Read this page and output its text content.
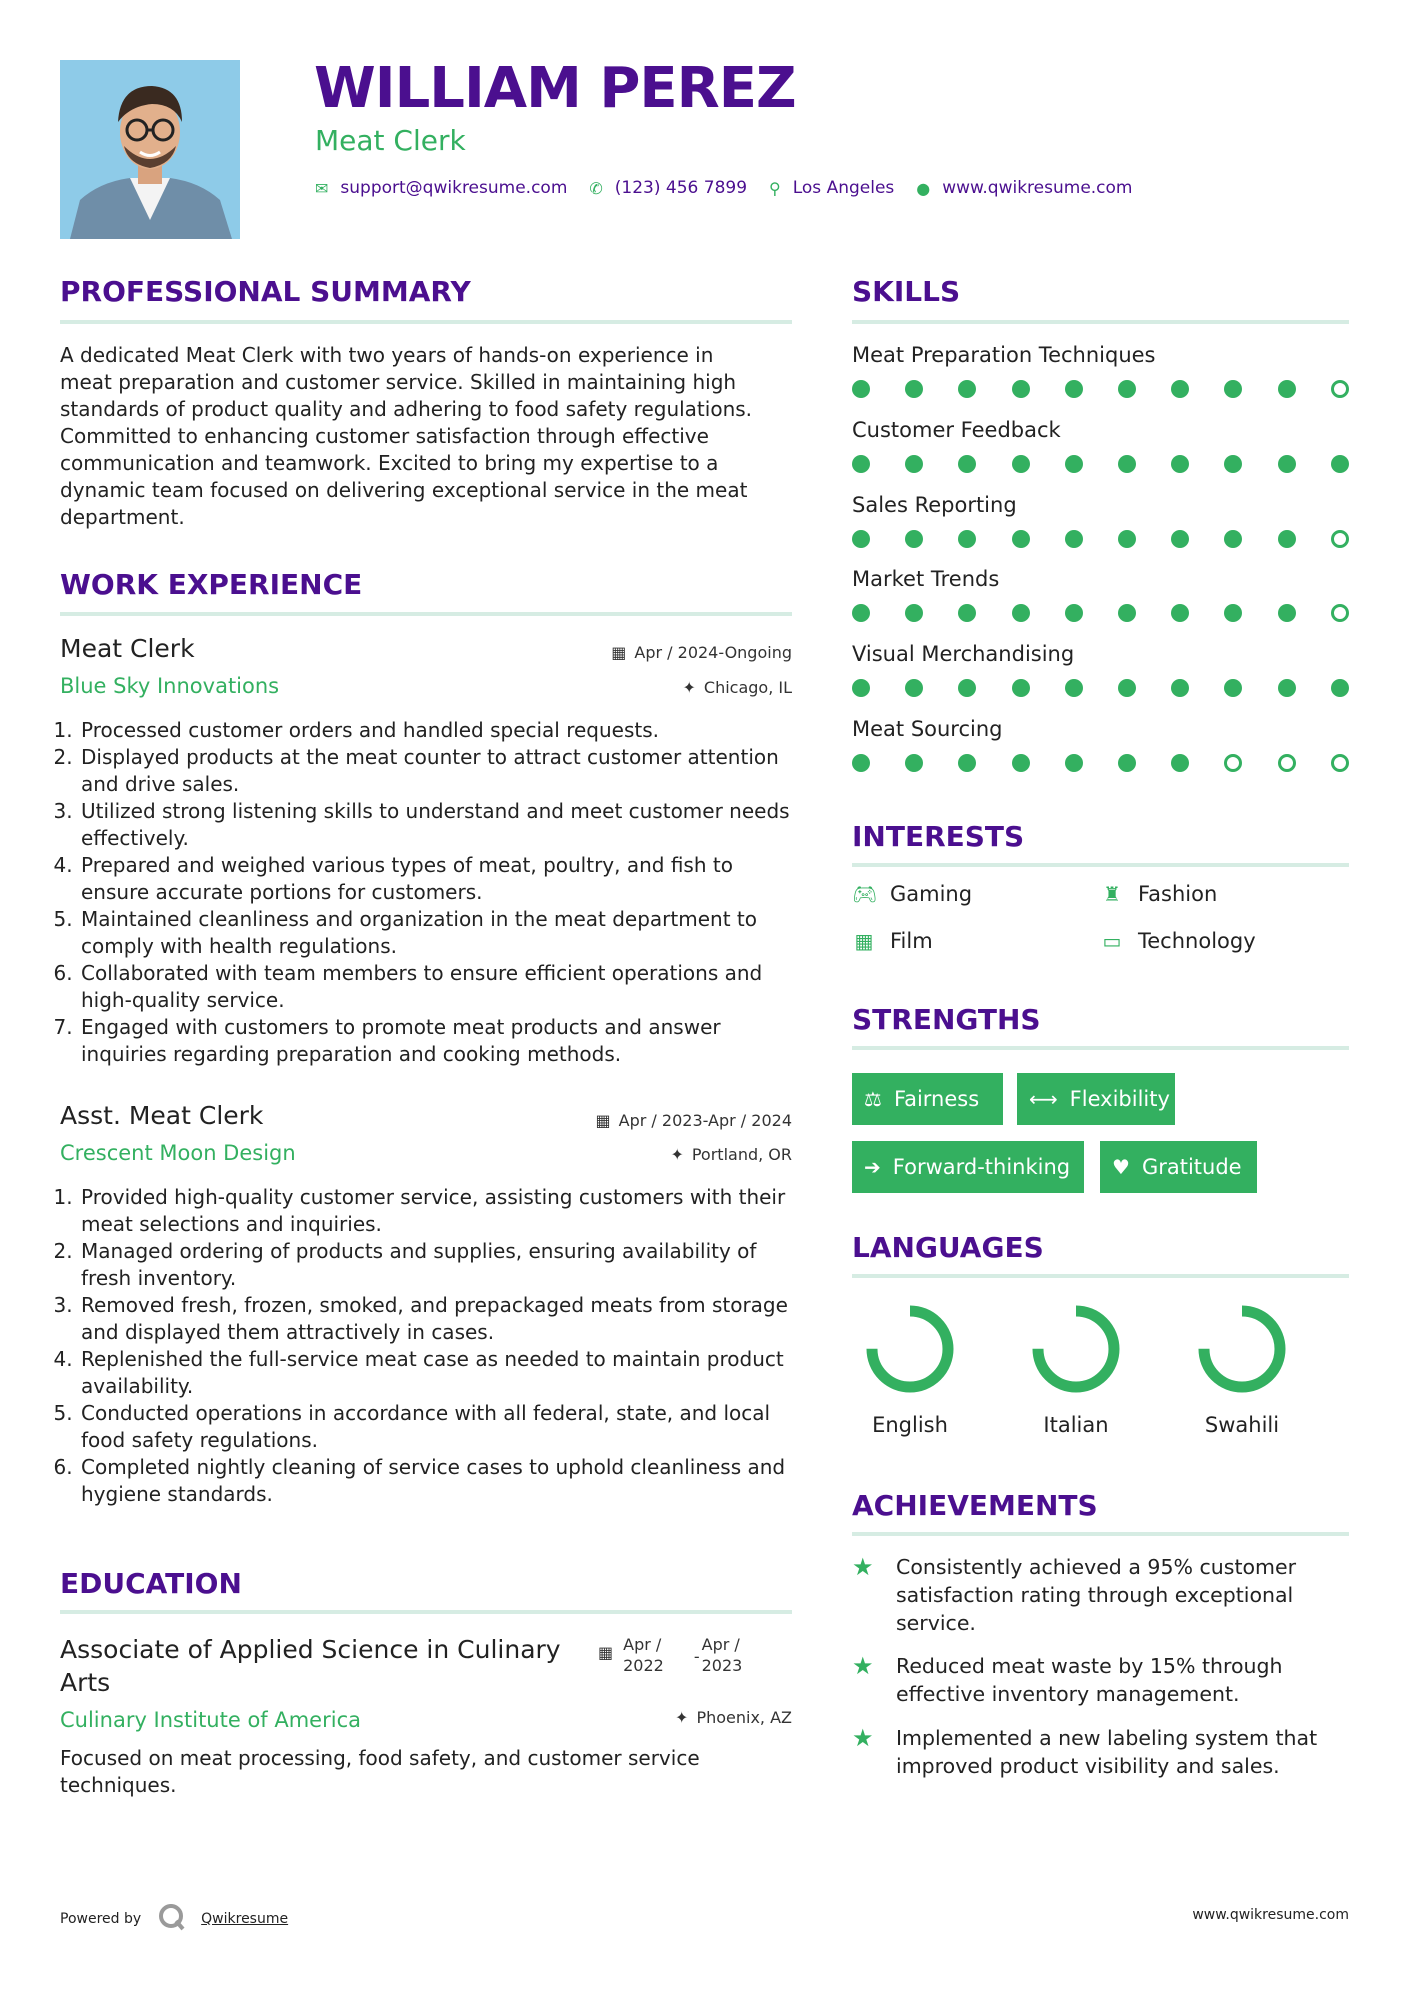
WILLIAM PEREZ
Meat Clerk
✉ support@qwikresume.com ✆ (123) 456 7899 ⚲ Los Angeles ● www.qwikresume.com
PROFESSIONAL SUMMARY
A dedicated Meat Clerk with two years of hands-on experience in
meat preparation and customer service. Skilled in maintaining high
standards of product quality and adhering to food safety regulations.
Committed to enhancing customer satisfaction through effective
communication and teamwork. Excited to bring my expertise to a
dynamic team focused on delivering exceptional service in the meat
department.
WORK EXPERIENCE
Meat Clerk	▦ Apr / 2024-Ongoing
Blue Sky Innovations	✦ Chicago, IL
1. Processed customer orders and handled special requests.
2. Displayed products at the meat counter to attract customer attention and drive sales.
3. Utilized strong listening skills to understand and meet customer needs effectively.
4. Prepared and weighed various types of meat, poultry, and fish to ensure accurate portions for customers.
5. Maintained cleanliness and organization in the meat department to comply with health regulations.
6. Collaborated with team members to ensure efficient operations and high-quality service.
7. Engaged with customers to promote meat products and answer inquiries regarding preparation and cooking methods.
Asst. Meat Clerk	▦ Apr / 2023-Apr / 2024
Crescent Moon Design	✦ Portland, OR
1. Provided high-quality customer service, assisting customers with their meat selections and inquiries.
2. Managed ordering of products and supplies, ensuring availability of fresh inventory.
3. Removed fresh, frozen, smoked, and prepackaged meats from storage and displayed them attractively in cases.
4. Replenished the full-service meat case as needed to maintain product availability.
5. Conducted operations in accordance with all federal, state, and local food safety regulations.
6. Completed nightly cleaning of service cases to uphold cleanliness and hygiene standards.
EDUCATION
Associate of Applied Science in Culinary
Arts
▦ Apr /
2022 -
Apr /
2023
Culinary Institute of America	✦ Phoenix, AZ
Focused on meat processing, food safety, and customer service
techniques.
SKILLS
Meat Preparation Techniques
Customer Feedback
Sales Reporting
Market Trends
Visual Merchandising
Meat Sourcing
INTERESTS
🎮︎ Gaming	♜ Fashion
▦ Film	▭ Technology
STRENGTHS
⚖ Fairness ⟷ Flexibility
➔ Forward-thinking ♥ Gratitude
LANGUAGES
English	Italian	Swahili
ACHIEVEMENTS
★	Consistently achieved a 95% customer
satisfaction rating through exceptional
service.
★	Reduced meat waste by 15% through
effective inventory management.
★	Implemented a new labeling system that
improved product visibility and sales.
Powered by	Qwikresume	www.qwikresume.com
